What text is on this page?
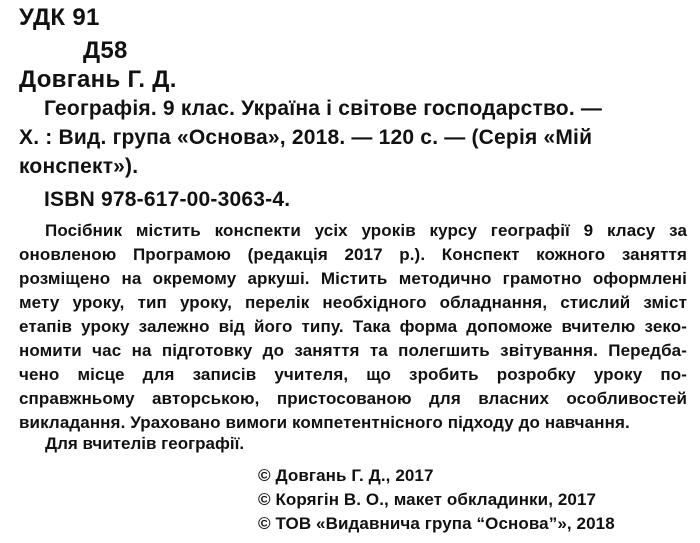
УДК 91
Д58
Довгань Г. Д.
Географія. 9 клас. Україна і світове господарство. —
Х. : Вид. група «Основа», 2018. — 120 с. — (Серія «Мій
конспект»).
ISBN 978-617-00-3063-4.
Посібник містить конспекти усіх уроків курсу географії 9 класу за
оновленою Програмою (редакція 2017 р.). Конспект кожного заняття
розміщено на окремому аркуші. Містить методично грамотно оформлені
мету уроку, тип уроку, перелік необхідного обладнання, стислий зміст
етапів уроку залежно від його типу. Така форма допоможе вчителю зеко-
номити час на підготовку до заняття та полегшить звітування. Передба-
чено місце для записів учителя, що зробить розробку уроку по-
справжньому авторською, пристосованою для власних особливостей
викладання. Ураховано вимоги компетентнісного підходу до навчання.
Для вчителів географії.
© Довгань Г. Д., 2017
© Корягін В. О., макет обкладинки, 2017
© ТОВ «Видавнича група “Основа”», 2018
